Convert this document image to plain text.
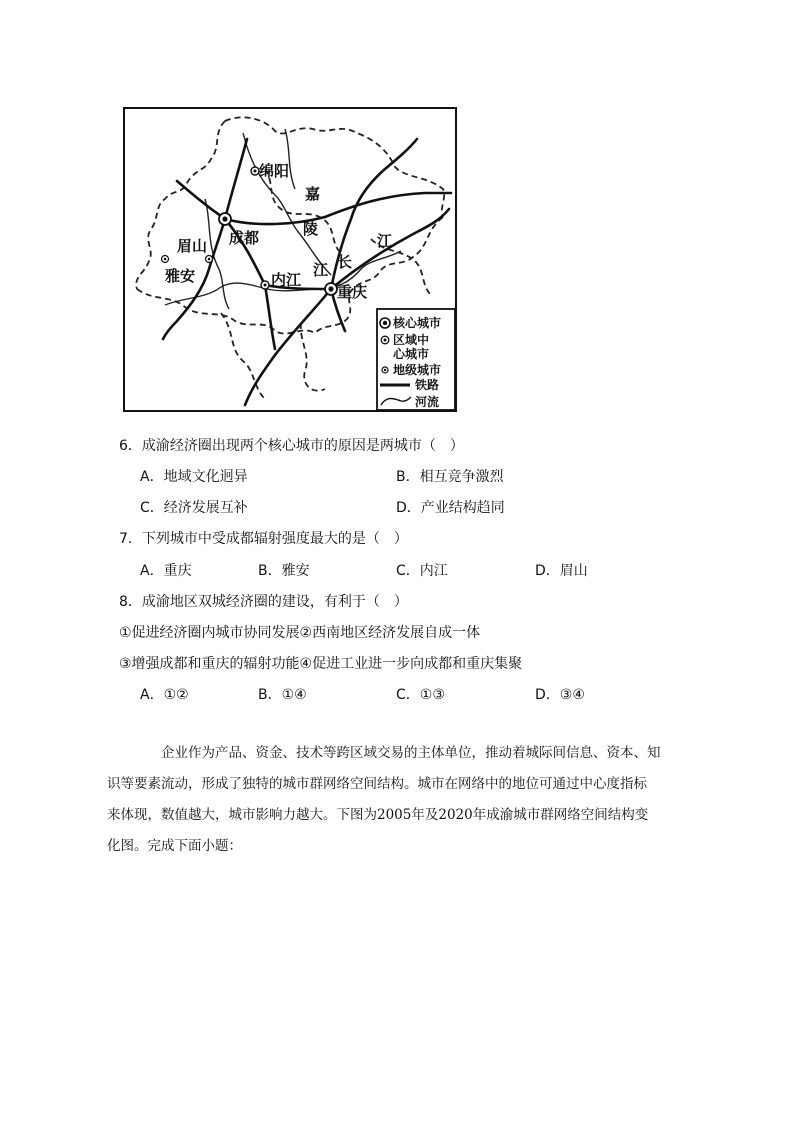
绵阳
成都
眉山
雅安	内江
重庆
嘉
陵
江 长
江
核心城市
区域中
心城市
地级城市
铁路
河流
6．成渝经济圈出现两个核心城市的原因是两城市（　）
A．地域文化迥异	B．相互竞争激烈
C．经济发展互补	D．产业结构趋同
7．下列城市中受成都辐射强度最大的是（　）
A．重庆	B．雅安	C．内江	D．眉山
8．成渝地区双城经济圈的建设，有利于（　）
①促进经济圈内城市协同发展②西南地区经济发展自成一体
③增强成都和重庆的辐射功能④促进工业进一步向成都和重庆集聚
A．①②	B．①④	C．①③	D．③④
企业作为产品、资金、技术等跨区域交易的主体单位，推动着城际间信息、资本、知
识等要素流动，形成了独特的城市群网络空间结构。城市在网络中的地位可通过中心度指标
来体现，数值越大，城市影响力越大。下图为2005年及2020年成渝城市群网络空间结构变
化图。完成下面小题：
